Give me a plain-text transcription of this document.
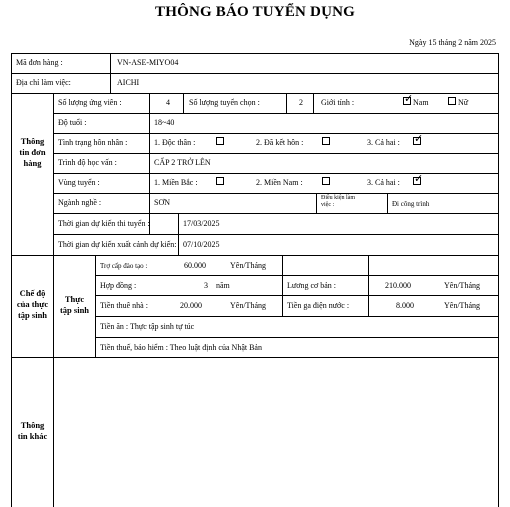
THÔNG BÁO TUYỂN DỤNG
Ngày 15 tháng 2 năm 2025
Mã đơn hàng :	VN-ASE-MIYO04
Địa chỉ làm việc:	AICHI
Thông
tin đơn
hàng
Chế độ
của thực
tập sinh
Thực
tập sinh
Thông
tin khác
Số lượng ứng viên :	4 Số lượng tuyển chọn :	2 Giới tính :
✓	Nam	Nữ
Độ tuổi :	18~40
Tình trạng hôn nhân :	1. Độc thân :	2. Đã kết hôn :	3. Cả hai :
✓
Trình độ học vấn :	CẤP 2 TRỞ LÊN
Vùng tuyển :	1. Miền Bắc :	2. Miền Nam :	3. Cả hai :
✓
Ngành nghề :	SƠN	Điều kiện làm
việc :	Đi công trình
Thời gian dự kiến thi tuyển :	17/03/2025
Thời gian dự kiến xuất cảnh dự kiến: 07/10/2025
Trợ cấp đào tạo :	60.000	Yên/Tháng
Hợp đồng :	3 năm	Lương cơ bản :	210.000	Yên/Tháng
Tiền thuê nhà :	20.000	Yên/Tháng	Tiền ga điện nước :	8.000	Yên/Tháng
Tiền ăn : Thực tập sinh tự túc
Tiền thuế, bảo hiểm : Theo luật định của Nhật Bản
